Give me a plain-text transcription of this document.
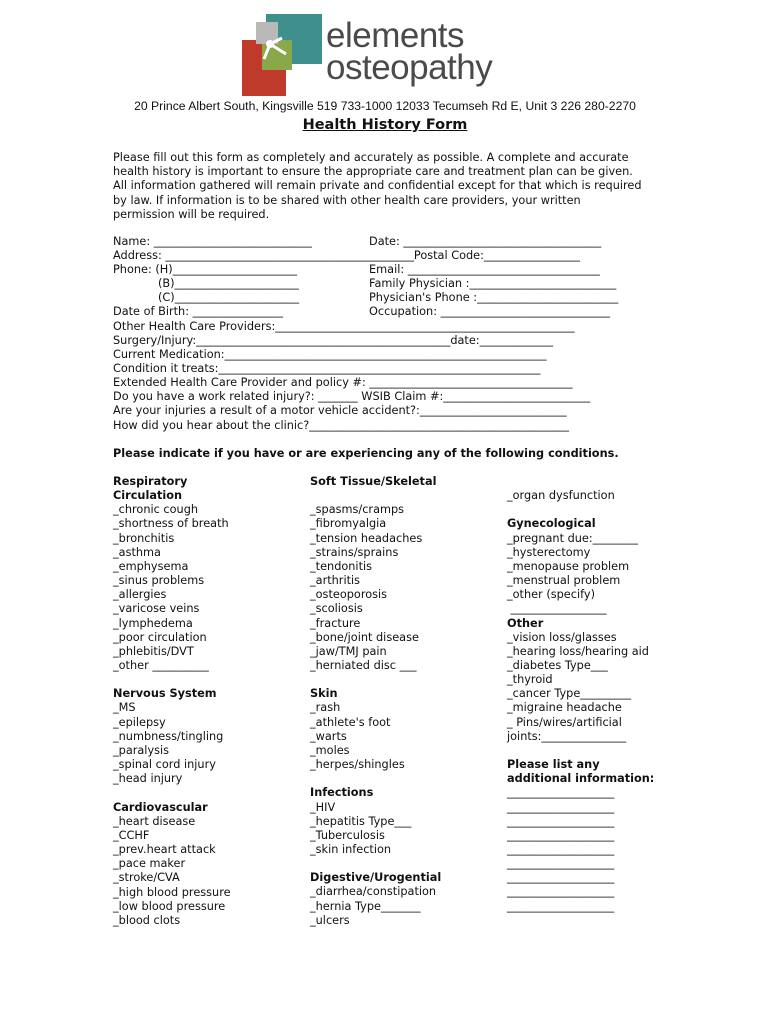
elements
osteopathy
20 Prince Albert South, Kingsville 519 733-1000 12033 Tecumseh Rd E, Unit 3 226 280-2270
Health History Form
Please fill out this form as completely and accurately as possible. A complete and accurate
health history is important to ensure the appropriate care and treatment plan can be given.
All information gathered will remain private and confidential except for that which is required
by law. If information is to be shared with other health care providers, your written
permission will be required.
Name: ____________________________	Date: ___________________________________
Address: ____________________________________________Postal Code:_________________
Phone: (H)______________________	Email: __________________________________
(B)______________________	Family Physician :__________________________
(C)______________________	Physician's Phone :_________________________
Date of Birth: ________________	Occupation: ______________________________
Other Health Care Providers:_____________________________________________________
Surgery/Injury:_____________________________________________date:_____________
Current Medication:_________________________________________________________
Condition it treats:_________________________________________________________
Extended Health Care Provider and policy #: ____________________________________
Do you have a work related injury?: _______ WSIB Claim #:__________________________
Are your injuries a result of a motor vehicle accident?:__________________________
How did you hear about the clinic?______________________________________________
Please indicate if you have or are experiencing any of the following conditions.
Respiratory
Circulation
_chronic cough
_shortness of breath
_bronchitis
_asthma
_emphysema
_sinus problems
_allergies
_varicose veins
_lymphedema
_poor circulation
_phlebitis/DVT
_other __________
Nervous System
_MS
_epilepsy
_numbness/tingling
_paralysis
_spinal cord injury
_head injury
Cardiovascular
_heart disease
_CCHF
_prev.heart attack
_pace maker
_stroke/CVA
_high blood pressure
_low blood pressure
_blood clots
Soft Tissue/Skeletal
_spasms/cramps
_fibromyalgia
_tension headaches
_strains/sprains
_tendonitis
_arthritis
_osteoporosis
_scoliosis
_fracture
_bone/joint disease
_jaw/TMJ pain
_herniated disc ___
Skin
_rash
_athlete's foot
_warts
_moles
_herpes/shingles
Infections
_HIV
_hepatitis Type___
_Tuberculosis
_skin infection
Digestive/Urogential
_diarrhea/constipation
_hernia Type_______
_ulcers
_organ dysfunction
Gynecological
_pregnant due:________
_hysterectomy
_menopause problem
_menstrual problem
_other (specify)
_________________
Other
_vision loss/glasses
_hearing loss/hearing aid
_diabetes Type___
_thyroid
_cancer Type_________
_migraine headache
_ Pins/wires/artificial
joints:_______________
Please list any
additional information:
___________________
___________________
___________________
___________________
___________________
___________________
___________________
___________________
___________________
